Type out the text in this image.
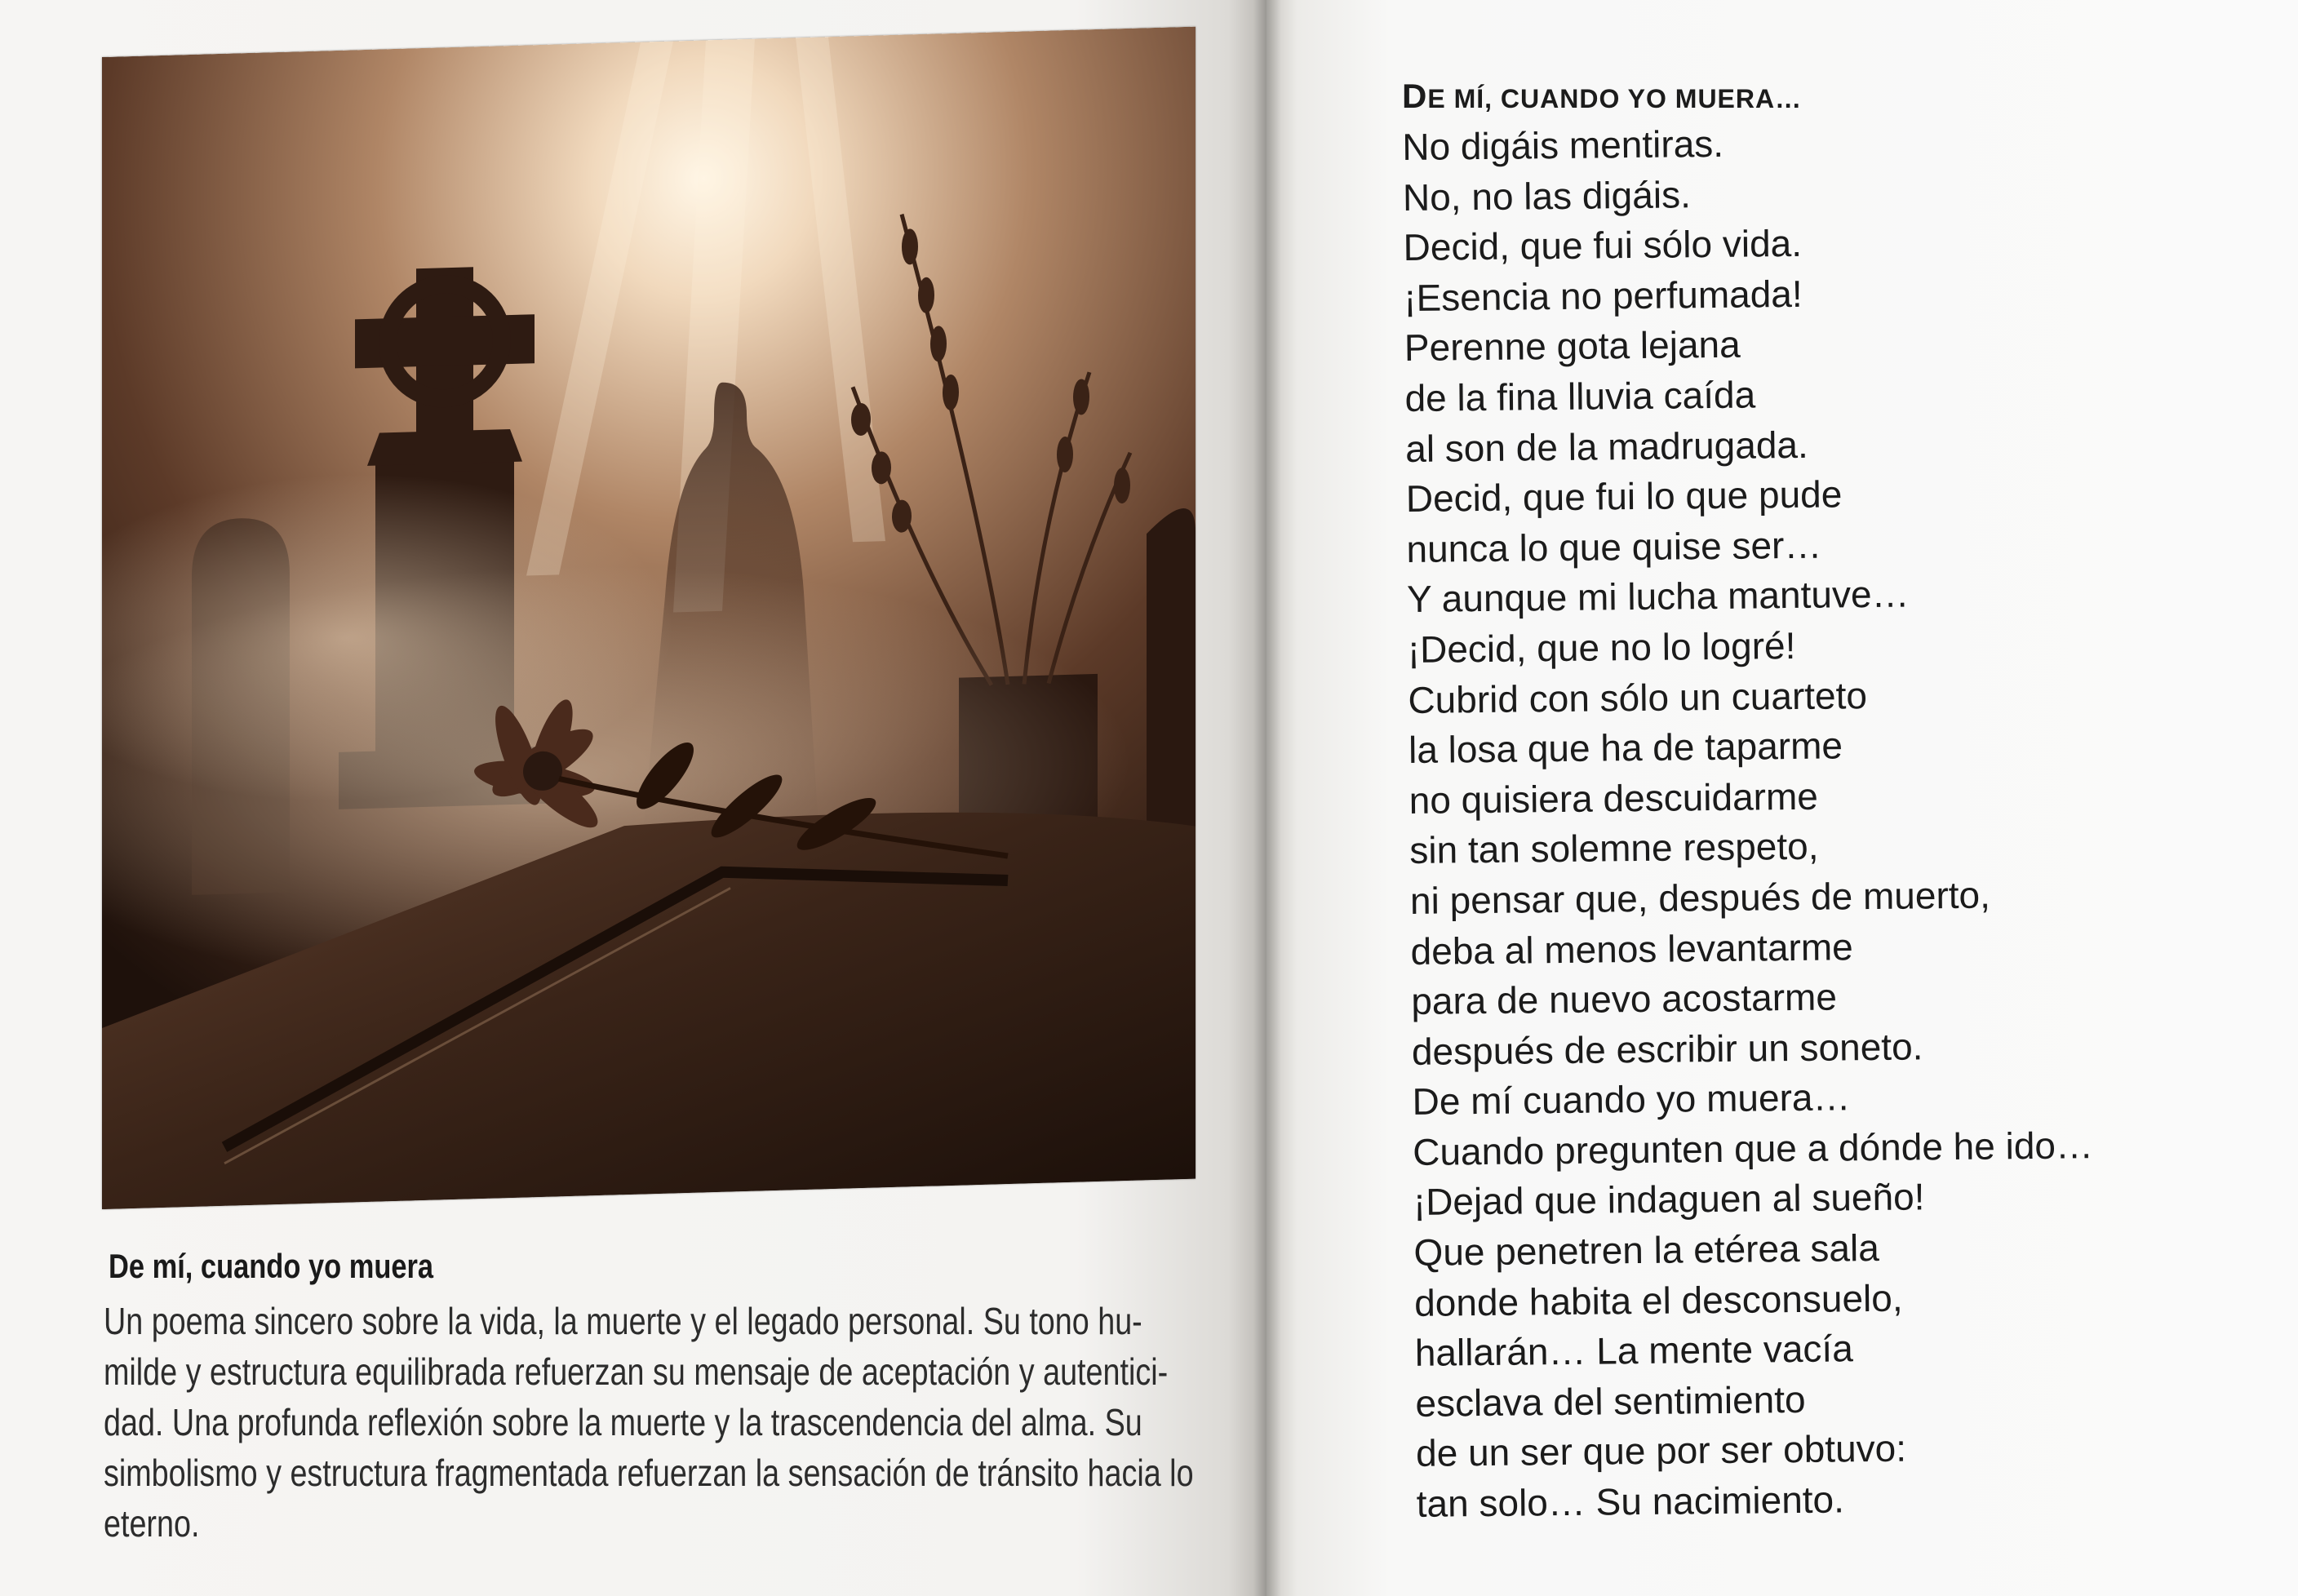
De mí, cuando yo muera

Un poema sincero sobre la vida, la muerte y el legado personal. Su tono hu-
milde y estructura equilibrada refuerzan su mensaje de aceptación y autentici-
dad. Una profunda reflexión sobre la muerte y la trascendencia del alma. Su
simbolismo y estructura fragmentada refuerzan la sensación de tránsito hacia lo
eterno.

DE MÍ, CUANDO YO MUERA…
No digáis mentiras.
No, no las digáis.
Decid, que fui sólo vida.
¡Esencia no perfumada!
Perenne gota lejana
de la fina lluvia caída
al son de la madrugada.
Decid, que fui lo que pude
nunca lo que quise ser…
Y aunque mi lucha mantuve…
¡Decid, que no lo logré!
Cubrid con sólo un cuarteto
la losa que ha de taparme
no quisiera descuidarme
sin tan solemne respeto,
ni pensar que, después de muerto,
deba al menos levantarme
para de nuevo acostarme
después de escribir un soneto.
De mí cuando yo muera…
Cuando pregunten que a dónde he ido…
¡Dejad que indaguen al sueño!
Que penetren la etérea sala
donde habita el desconsuelo,
hallarán… La mente vacía
esclava del sentimiento
de un ser que por ser obtuvo:
tan solo… Su nacimiento.
